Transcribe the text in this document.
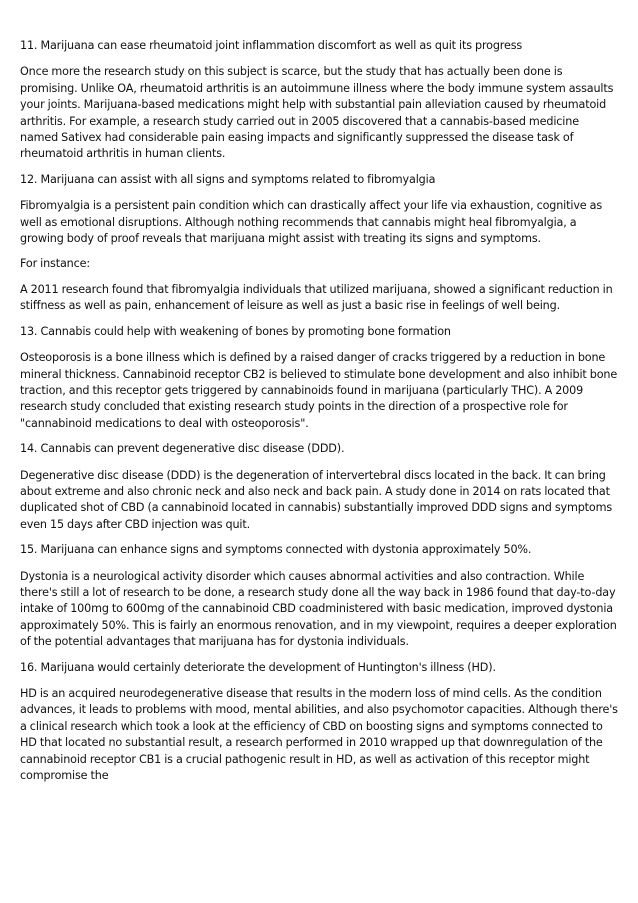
11. Marijuana can ease rheumatoid joint inflammation discomfort as well as quit its progress

Once more the research study on this subject is scarce, but the study that has actually been done is promising. Unlike OA, rheumatoid arthritis is an autoimmune illness where the body immune system assaults your joints. Marijuana-based medications might help with substantial pain alleviation caused by rheumatoid arthritis. For example, a research study carried out in 2005 discovered that a cannabis-based medicine named Sativex had considerable pain easing impacts and significantly suppressed the disease task of rheumatoid arthritis in human clients.

12. Marijuana can assist with all signs and symptoms related to fibromyalgia

Fibromyalgia is a persistent pain condition which can drastically affect your life via exhaustion, cognitive as well as emotional disruptions. Although nothing recommends that cannabis might heal fibromyalgia, a growing body of proof reveals that marijuana might assist with treating its signs and symptoms.

For instance:

A 2011 research found that fibromyalgia individuals that utilized marijuana, showed a significant reduction in stiffness as well as pain, enhancement of leisure as well as just a basic rise in feelings of well being.

13. Cannabis could help with weakening of bones by promoting bone formation

Osteoporosis is a bone illness which is defined by a raised danger of cracks triggered by a reduction in bone mineral thickness. Cannabinoid receptor CB2 is believed to stimulate bone development and also inhibit bone traction, and this receptor gets triggered by cannabinoids found in marijuana (particularly THC). A 2009 research study concluded that existing research study points in the direction of a prospective role for "cannabinoid medications to deal with osteoporosis".

14. Cannabis can prevent degenerative disc disease (DDD).

Degenerative disc disease (DDD) is the degeneration of intervertebral discs located in the back. It can bring about extreme and also chronic neck and also neck and back pain. A study done in 2014 on rats located that duplicated shot of CBD (a cannabinoid located in cannabis) substantially improved DDD signs and symptoms even 15 days after CBD injection was quit.

15. Marijuana can enhance signs and symptoms connected with dystonia approximately 50%.

Dystonia is a neurological activity disorder which causes abnormal activities and also contraction. While there's still a lot of research to be done, a research study done all the way back in 1986 found that day-to-day intake of 100mg to 600mg of the cannabinoid CBD coadministered with basic medication, improved dystonia approximately 50%. This is fairly an enormous renovation, and in my viewpoint, requires a deeper exploration of the potential advantages that marijuana has for dystonia individuals.

16. Marijuana would certainly deteriorate the development of Huntington's illness (HD).

HD is an acquired neurodegenerative disease that results in the modern loss of mind cells. As the condition advances, it leads to problems with mood, mental abilities, and also psychomotor capacities. Although there's a clinical research which took a look at the efficiency of CBD on boosting signs and symptoms connected to HD that located no substantial result, a research performed in 2010 wrapped up that downregulation of the cannabinoid receptor CB1 is a crucial pathogenic result in HD, as well as activation of this receptor might compromise the
